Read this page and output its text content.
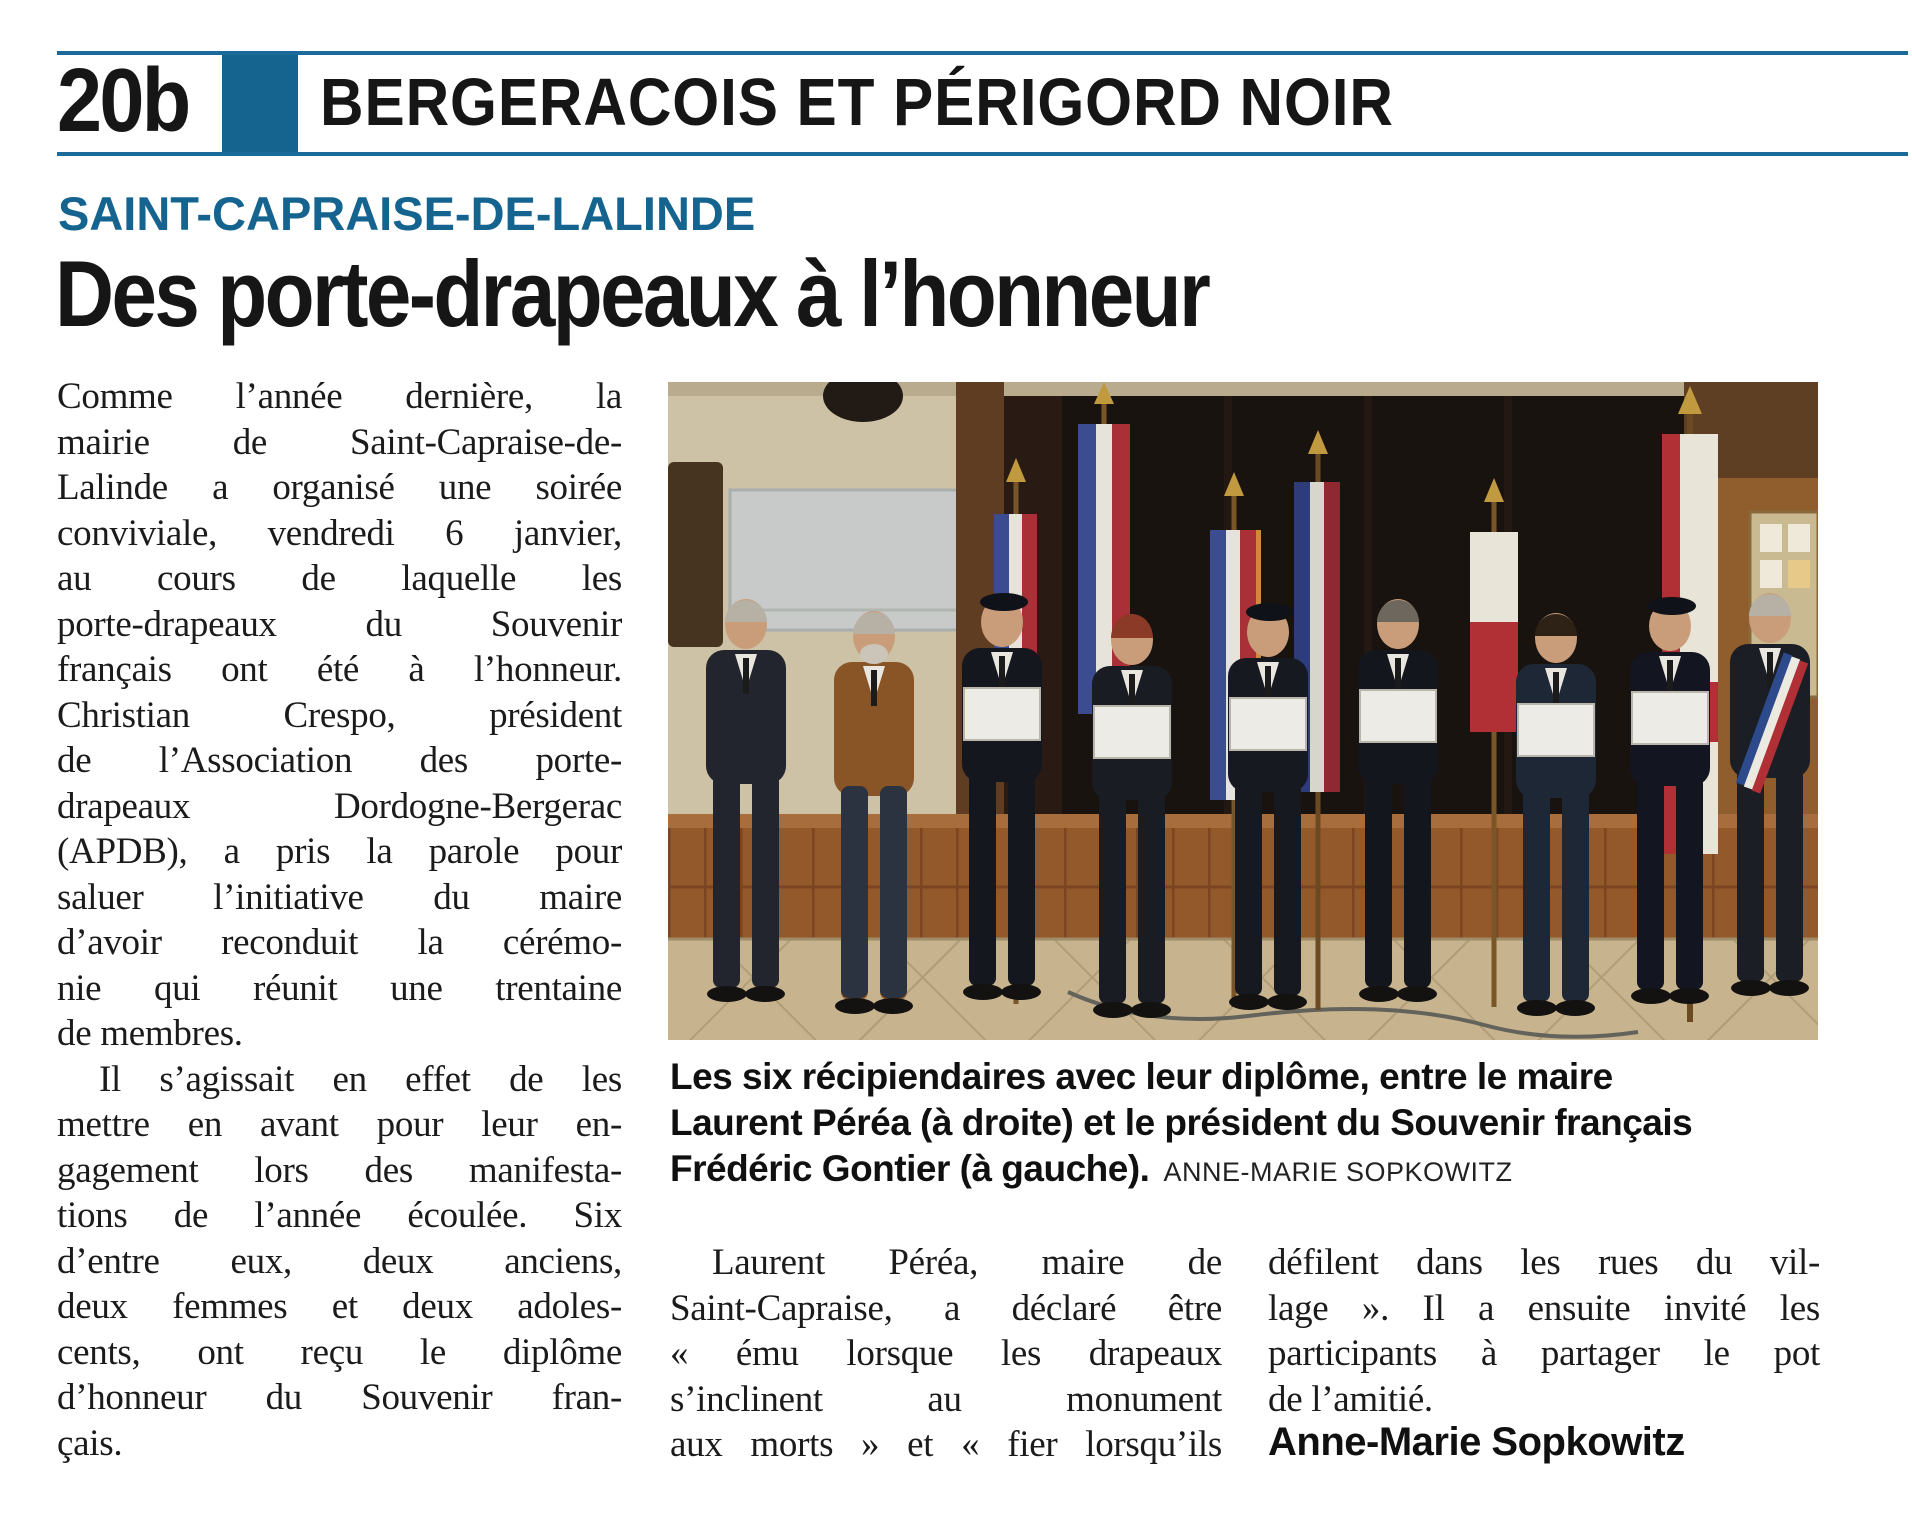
20b BERGERACOIS ET PÉRIGORD NOIR
SAINT-CAPRAISE-DE-LALINDE
Des porte-drapeaux à l’honneur
Comme l’année dernière, la
mairie de Saint-Capraise-de-
Lalinde a organisé une soirée
conviviale, vendredi 6 janvier,
au cours de laquelle les
porte-drapeaux du Souvenir
français ont été à l’honneur.
Christian Crespo, président
de l’Association des porte-
drapeaux Dordogne-Bergerac
(APDB), a pris la parole pour
saluer l’initiative du maire
d’avoir reconduit la cérémo-
nie qui réunit une trentaine
de membres.
Il s’agissait en effet de les
mettre en avant pour leur en-
gagement lors des manifesta-
tions de l’année écoulée. Six
d’entre eux, deux anciens,
deux femmes et deux adoles-
cents, ont reçu le diplôme
d’honneur du Souvenir fran-
çais.
Les six récipiendaires avec leur diplôme, entre le maire
Laurent Péréa (à droite) et le président du Souvenir français
Frédéric Gontier (à gauche). ANNE-MARIE SOPKOWITZ
Laurent Péréa, maire de
Saint-Capraise, a déclaré être
« ému lorsque les drapeaux
s’inclinent au monument
aux morts » et « fier lorsqu’ils
défilent dans les rues du vil-
lage ». Il a ensuite invité les
participants à partager le pot
de l’amitié.
Anne-Marie Sopkowitz
